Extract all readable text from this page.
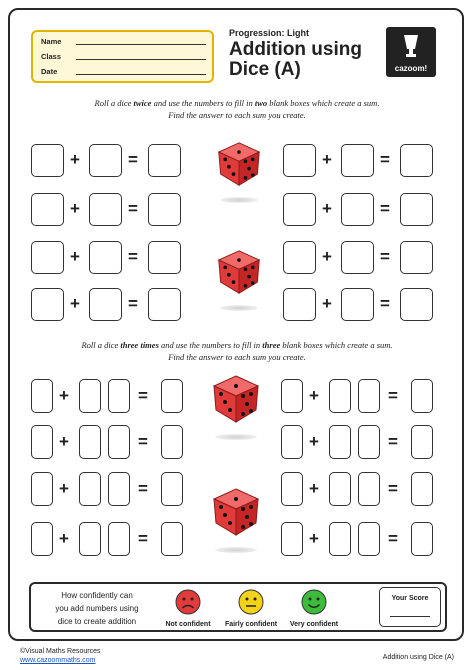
Name
Class
Date
Progression: Light
Addition using
Dice (A)	cazoom!
Roll a dice twice and use the numbers to fill in two blank boxes which create a sum.
Find the answer to each sum you create.
Roll a dice three times and use the numbers to fill in three blank boxes which create a sum.
Find the answer to each sum you create.
+	=	+	=
+	=	+	=
+	=	+	=
+	=	+	=
+	=	+	=
+	=	+	=
+	=	+	=
+	=	+	=
How confidently can
you add numbers using
dice to create addition	Not confident	Fairly confident	Very confident
Your Score
©Visual Maths Resources
www.cazoommaths.com	Addition using Dice (A)
